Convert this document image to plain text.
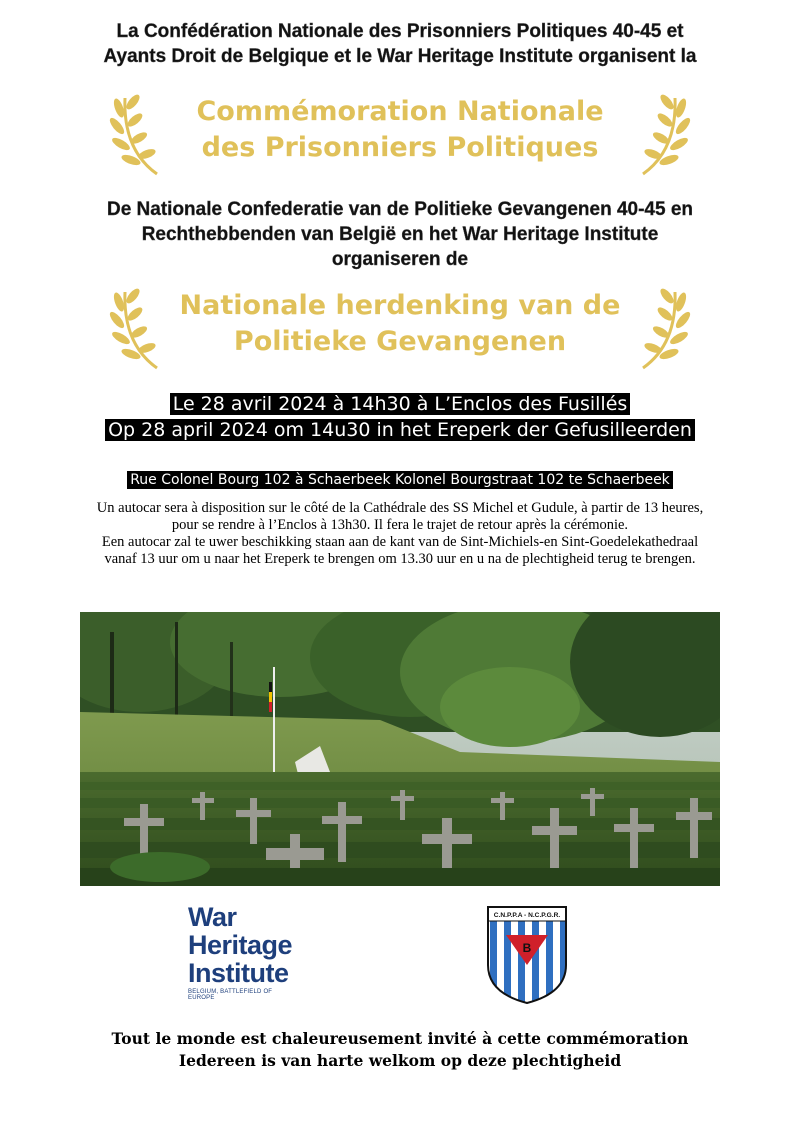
La Confédération Nationale des Prisonniers Politiques 40-45 et
Ayants Droit de Belgique et le War Heritage Institute organisent la
Commémoration Nationale
des Prisonniers Politiques
De Nationale Confederatie van de Politieke Gevangenen 40-45 en
Rechthebbenden van België en het War Heritage Institute
organiseren de
Nationale herdenking van de
Politieke Gevangenen
Le 28 avril 2024 à 14h30 à L’Enclos des Fusillés
Op 28 april 2024 om 14u30 in het Ereperk der Gefusilleerden
Rue Colonel Bourg 102 à Schaerbeek Kolonel Bourgstraat 102 te Schaerbeek
Un autocar sera à disposition sur le côté de la Cathédrale des SS Michel et Gudule, à partir de 13 heures,
pour se rendre à l’Enclos à 13h30. Il fera le trajet de retour après la cérémonie.
Een autocar zal te uwer beschikking staan aan de kant van de Sint-Michiels-en Sint-Goedelekathedraal
vanaf 13 uur om u naar het Ereperk te brengen om 13.30 uur en u na de plechtigheid terug te brengen.
War
Heritage
Institute
BELGIUM, BATTLEFIELD OF EUROPE
C.N.P.P.A - N.C.P.G.R.
B
Tout le monde est chaleureusement invité à cette commémoration
Iedereen is van harte welkom op deze plechtigheid
